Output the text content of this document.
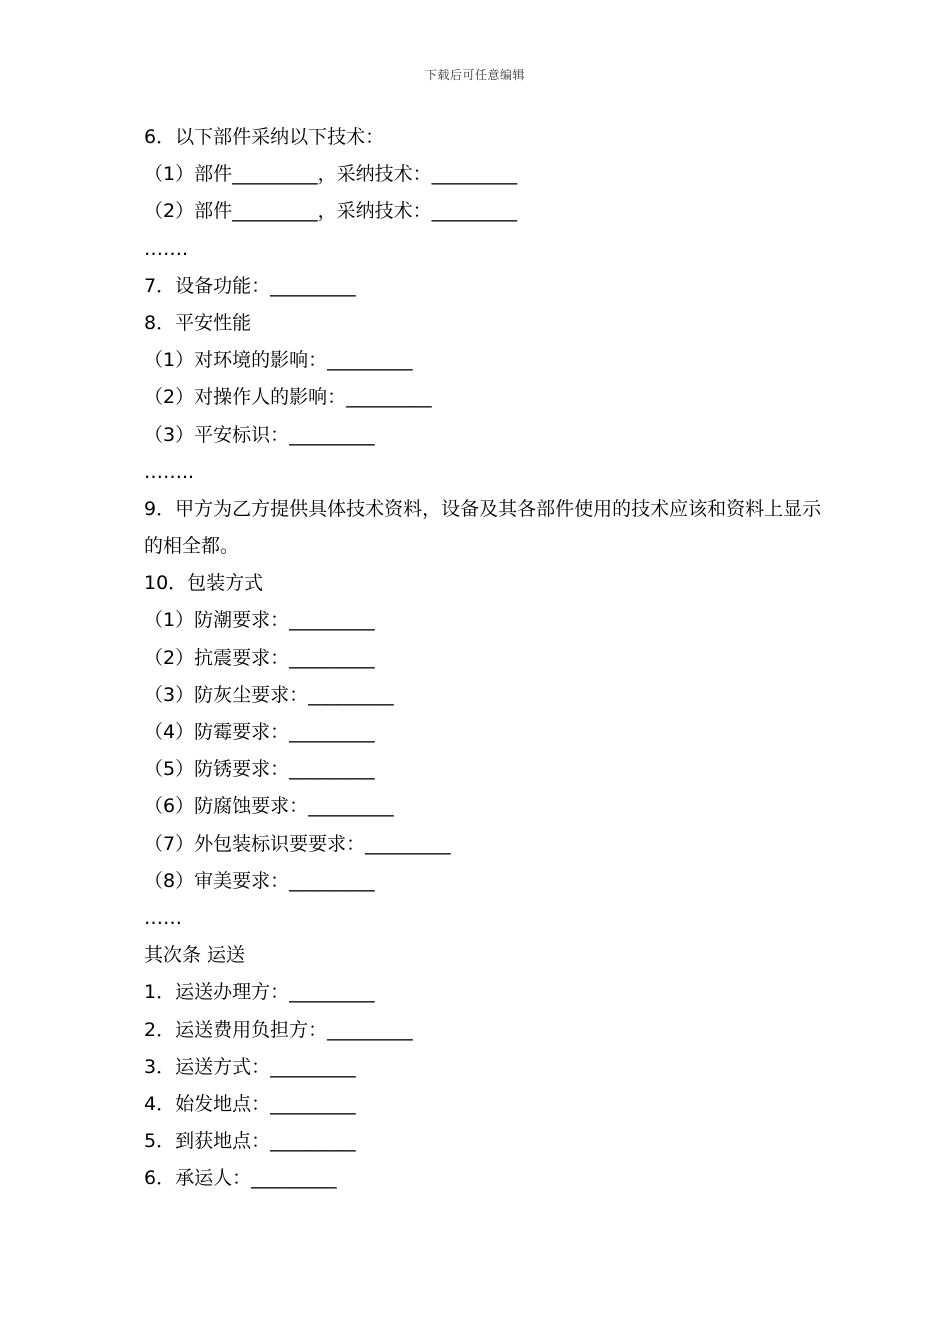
下载后可任意编辑
6．以下部件采纳以下技术：
（1）部件_________，采纳技术：_________
（2）部件_________，采纳技术：_________
…….
7．设备功能：_________
8．平安性能
（1）对环境的影响：_________
（2）对操作人的影响：_________
（3）平安标识：_________
……..
9．甲方为乙方提供具体技术资料，设备及其各部件使用的技术应该和资料上显示的相全都。
10．包装方式
（1）防潮要求：_________
（2）抗震要求：_________
（3）防灰尘要求：_________
（4）防霉要求：_________
（5）防锈要求：_________
（6）防腐蚀要求：_________
（7）外包装标识要要求：_________
（8）审美要求：_________
……
其次条 运送
1．运送办理方：_________
2．运送费用负担方：_________
3．运送方式：_________
4．始发地点：_________
5．到获地点：_________
6．承运人：_________
